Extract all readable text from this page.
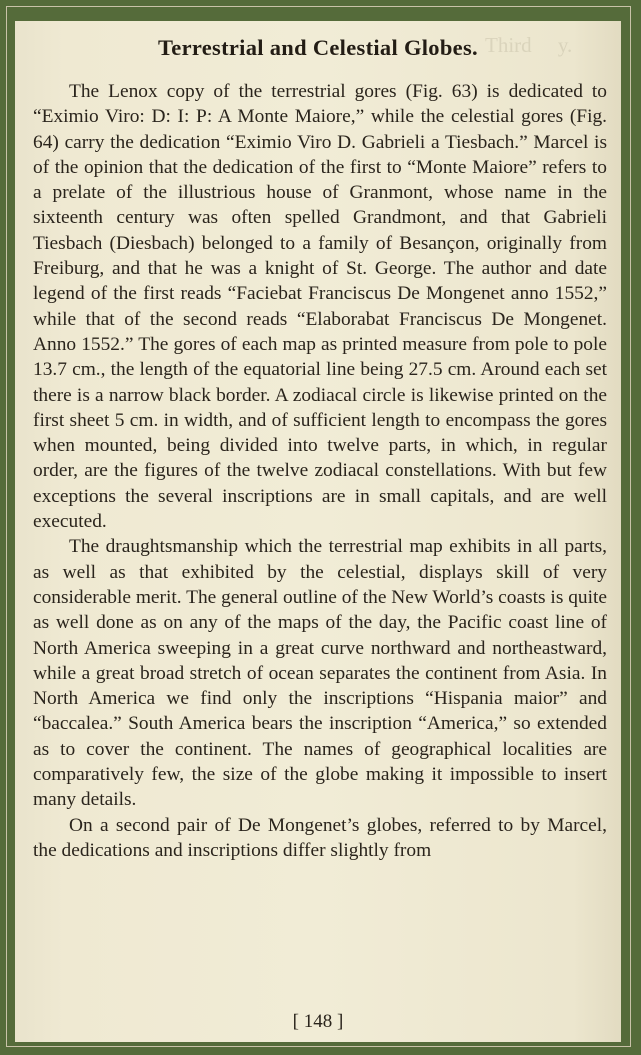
Thir​d     y.
Terrestrial and Celestial Globes.

The Lenox copy of the terrestrial gores (Fig. 63) is dedicated to “Eximio Viro: D: I: P: A Monte Maiore,” while the celestial gores (Fig. 64) carry the dedication “Eximio Viro D. Gabrieli a Tiesbach.” Marcel is of the opinion that the dedication of the first to “Monte Maiore” refers to a prelate of the illustrious house of Granmont, whose name in the sixteenth century was often spelled Grandmont, and that Gabrieli Tiesbach (Diesbach) belonged to a family of Besançon, originally from Freiburg, and that he was a knight of St. George. The author and date legend of the first reads “Faciebat Franciscus De Mongenet anno 1552,” while that of the second reads “Elaborabat Franciscus De Mongenet. Anno 1552.” The gores of each map as printed measure from pole to pole 13.7 cm., the length of the equatorial line being 27.5 cm. Around each set there is a narrow black border. A zodiacal circle is likewise printed on the first sheet 5 cm. in width, and of sufficient length to encompass the gores when mounted, being divided into twelve parts, in which, in regular order, are the figures of the twelve zodiacal constellations. With but few exceptions the several inscriptions are in small capitals, and are well executed.

The draughtsmanship which the terrestrial map exhibits in all parts, as well as that exhibited by the celestial, displays skill of very considerable merit. The general outline of the New World’s coasts is quite as well done as on any of the maps of the day, the Pacific coast line of North America sweeping in a great curve northward and northeastward, while a great broad stretch of ocean separates the continent from Asia. In North America we find only the inscriptions “Hispania maior” and “baccalea.” South America bears the inscription “America,” so extended as to cover the continent. The names of geographical localities are comparatively few, the size of the globe making it impossible to insert many details.

On a second pair of De Mongenet’s globes, referred to by Marcel, the dedications and inscriptions differ slightly from

[ 148 ]
